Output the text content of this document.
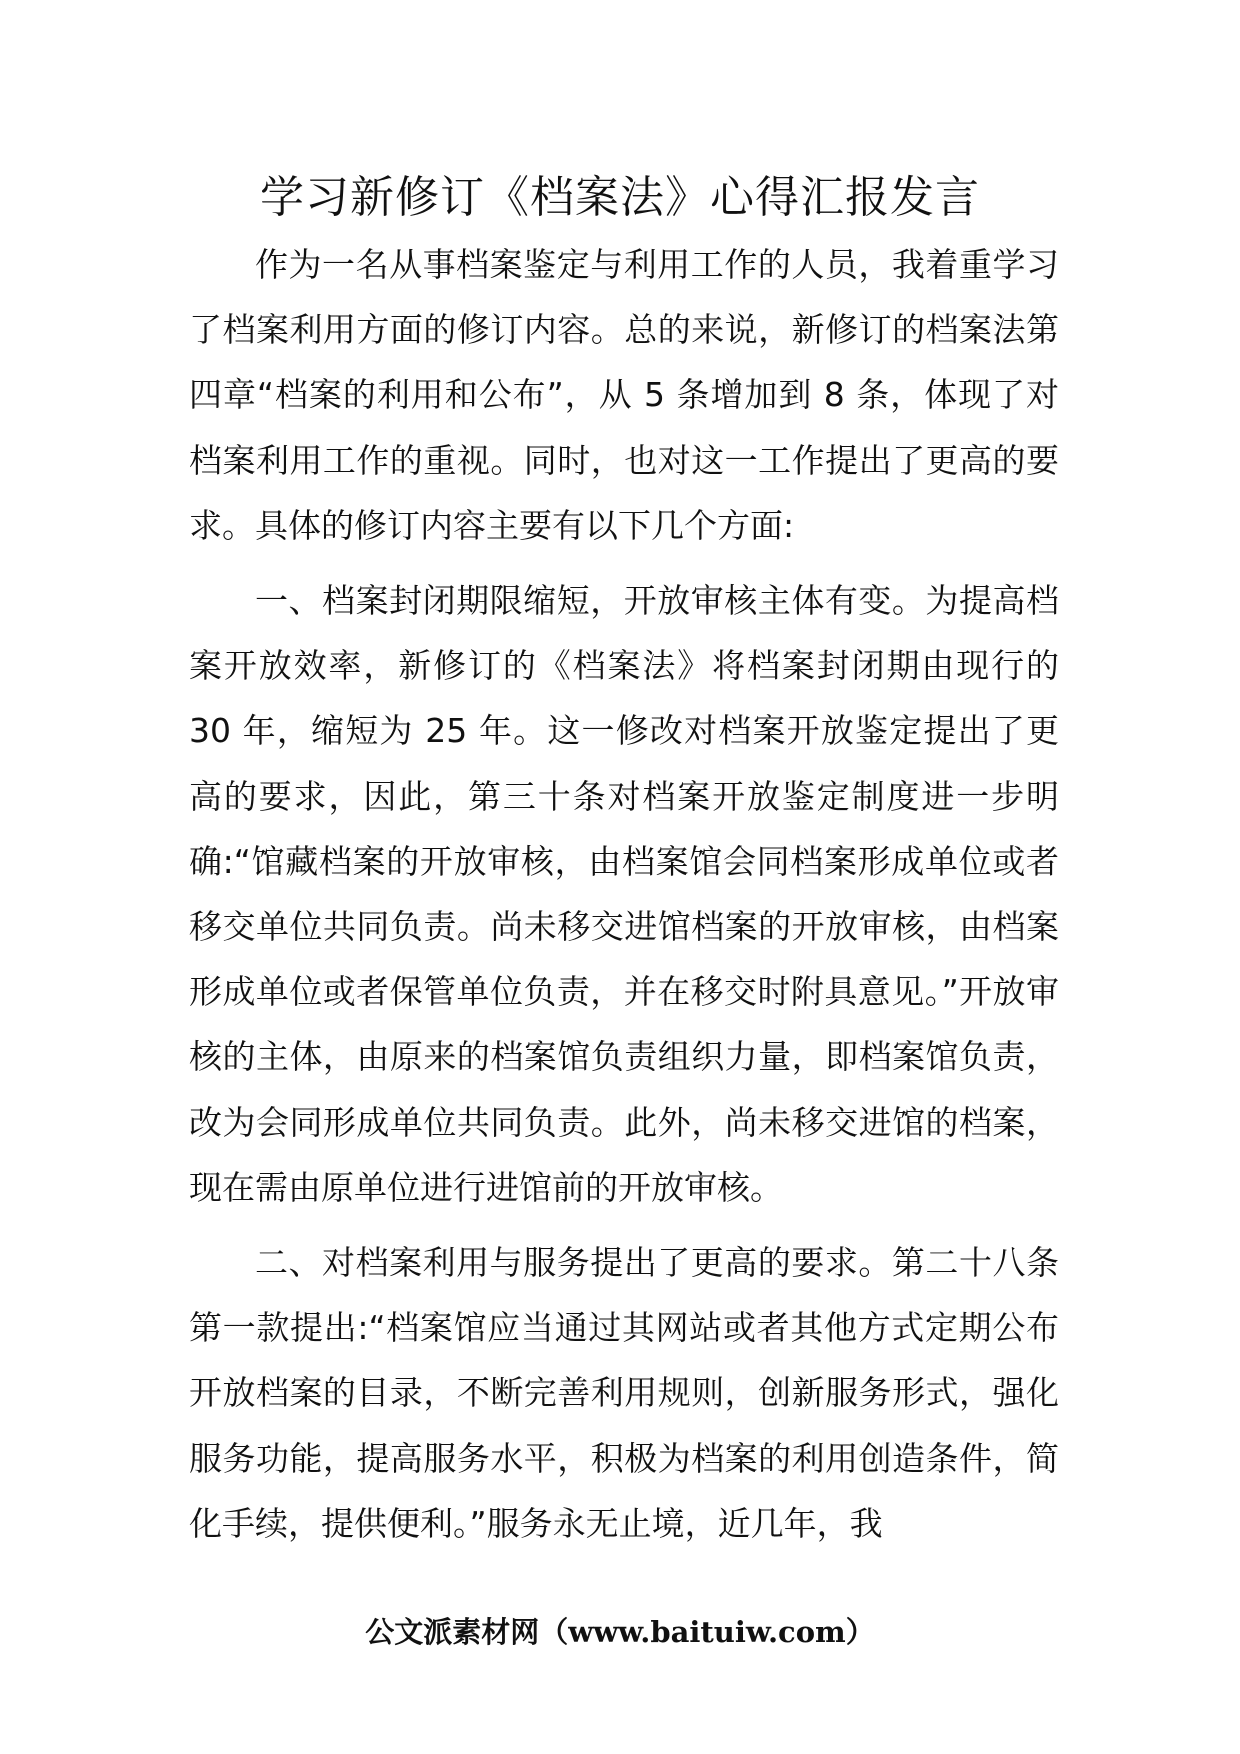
学习新修订《档案法》心得汇报发言

作为一名从事档案鉴定与利用工作的人员，我着重学习了档案利用方面的修订内容。总的来说，新修订的档案法第四章“档案的利用和公布”，从 5 条增加到 8 条，体现了对档案利用工作的重视。同时，也对这一工作提出了更高的要求。具体的修订内容主要有以下几个方面:

一、档案封闭期限缩短，开放审核主体有变。为提高档案开放效率，新修订的《档案法》将档案封闭期由现行的 30 年，缩短为 25 年。这一修改对档案开放鉴定提出了更高的要求，因此，第三十条对档案开放鉴定制度进一步明确:“馆藏档案的开放审核，由档案馆会同档案形成单位或者移交单位共同负责。尚未移交进馆档案的开放审核，由档案形成单位或者保管单位负责，并在移交时附具意见。”开放审核的主体，由原来的档案馆负责组织力量，即档案馆负责，改为会同形成单位共同负责。此外，尚未移交进馆的档案，现在需由原单位进行进馆前的开放审核。

二、对档案利用与服务提出了更高的要求。第二十八条第一款提出:“档案馆应当通过其网站或者其他方式定期公布开放档案的目录，不断完善利用规则，创新服务形式，强化服务功能，提高服务水平，积极为档案的利用创造条件，简化手续，提供便利。”服务永无止境，近几年，我

公文派素材网（www.baituiw.com）
